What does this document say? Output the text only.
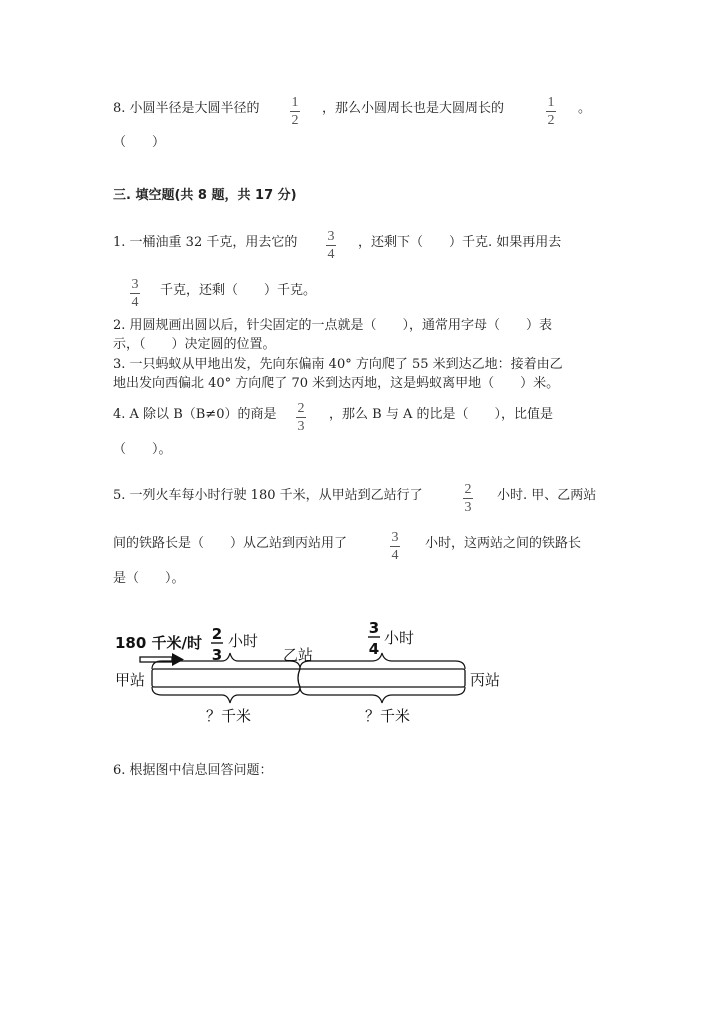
8. 小圆半径是大圆半径的 1
2
，那么小圆周长也是大圆周长的	1
2
。
（　　）
三. 填空题(共 8 题，共 17 分)
1. 一桶油重 32 千克，用去它的 3
4
，还剩下（　　）千克. 如果再用去
3
4
千克，还剩（　　）千克。
2. 用圆规画出圆以后，针尖固定的一点就是（　　），通常用字母（　　）表
示，（　　）决定圆的位置。
3. 一只蚂蚁从甲地出发，先向东偏南 40° 方向爬了 55 米到达乙地：接着由乙
地出发向西偏北 40° 方向爬了 70 米到达丙地，这是蚂蚁离甲地（　　）米。
4. A 除以 B（B≠0）的商是 2
3
，那么 B 与 A 的比是（　　），比值是
（　　）。
5. 一列火车每小时行驶 180 千米，从甲站到乙站行了	2
3
小时. 甲、乙两站
间的铁路长是（　　）从乙站到丙站用了	3
4
小时，这两站之间的铁路长
是（　　）。
180 千米/时 2
3
小时
3
4
小时
甲站
乙站
丙站
？千米	？千米
6. 根据图中信息回答问题：
